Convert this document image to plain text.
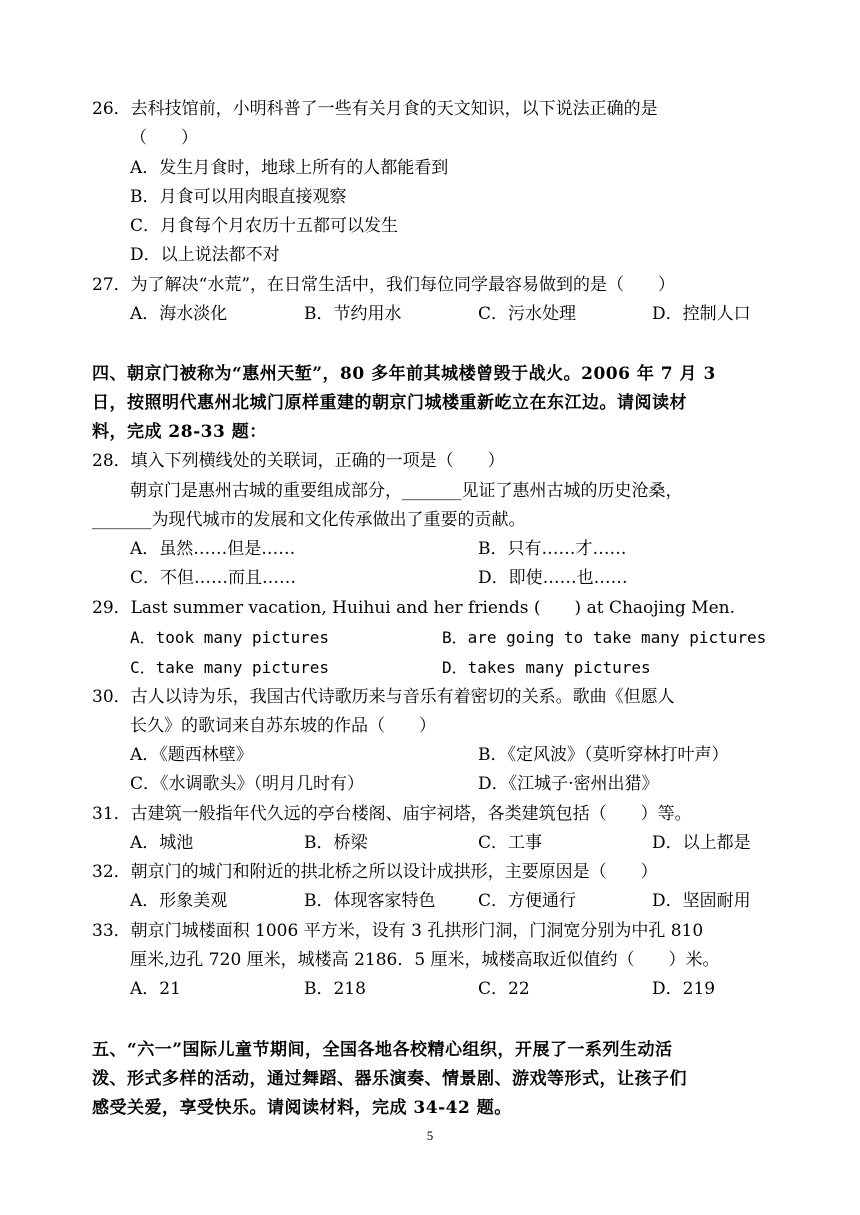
26．去科技馆前，小明科普了一些有关月食的天文知识，以下说法正确的是
（　　）
A．发生月食时，地球上所有的人都能看到
B．月食可以用肉眼直接观察
C．月食每个月农历十五都可以发生
D．以上说法都不对
27．为了解决“水荒”，在日常生活中，我们每位同学最容易做到的是（　　）
A．海水淡化	B．节约用水	C．污水处理	D．控制人口
四、朝京门被称为“惠州天堑”，80 多年前其城楼曾毁于战火。2006 年 7 月 3
日，按照明代惠州北城门原样重建的朝京门城楼重新屹立在东江边。请阅读材
料，完成 28-33 题：
28．填入下列横线处的关联词，正确的一项是（　　）
朝京门是惠州古城的重要组成部分，_______见证了惠州古城的历史沧桑，
_______为现代城市的发展和文化传承做出了重要的贡献。
A．虽然……但是……	B．只有……才……
C．不但……而且……	D．即使……也……
29．Last summer vacation, Huihui and her friends (　　) at Chaojing Men.
A．took many pictures	B．are going to take many pictures
C．take many pictures	D．takes many pictures
30．古人以诗为乐，我国古代诗歌历来与音乐有着密切的关系。歌曲《但愿人
长久》的歌词来自苏东坡的作品（　　）
A．《题西林壁》	B．《定风波》（莫听穿林打叶声）
C．《水调歌头》（明月几时有）	D．《江城子·密州出猎》
31．古建筑一般指年代久远的亭台楼阁、庙宇祠塔，各类建筑包括（　　）等。
A．城池	B．桥梁	C．工事	D．以上都是
32．朝京门的城门和附近的拱北桥之所以设计成拱形，主要原因是（　　）
A．形象美观	B．体现客家特色	C．方便通行	D．坚固耐用
33．朝京门城楼面积 1006 平方米，设有 3 孔拱形门洞，门洞宽分别为中孔 810
厘米,边孔 720 厘米，城楼高 2186．5 厘米，城楼高取近似值约（　　）米。
A．21	B．218	C．22	D．219
五、“六一”国际儿童节期间，全国各地各校精心组织，开展了一系列生动活
泼、形式多样的活动，通过舞蹈、器乐演奏、情景剧、游戏等形式，让孩子们
感受关爱，享受快乐。请阅读材料，完成 34-42 题。
5
